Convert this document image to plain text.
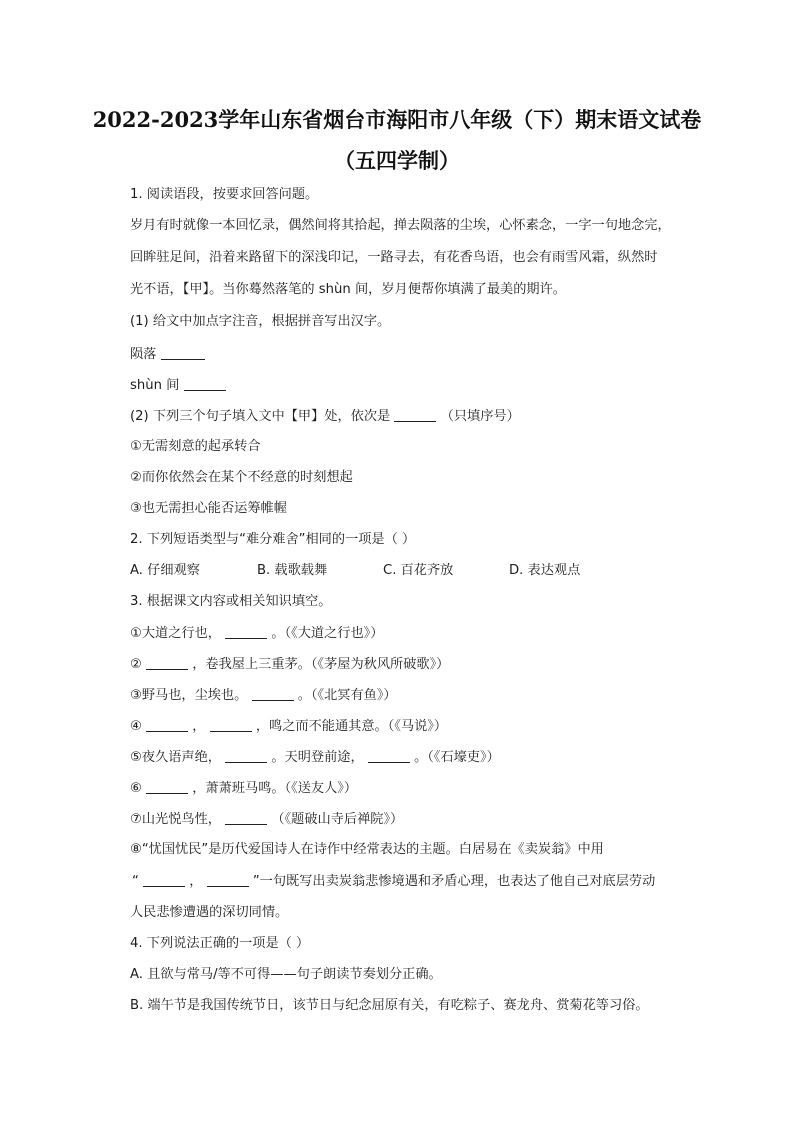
2022-2023学年山东省烟台市海阳市八年级（下）期末语文试卷
（五四学制）
1. 阅读语段，按要求回答问题。
岁月有时就像一本回忆录，偶然间将其拾起，掸去陨落的尘埃，心怀素念，一字一句地念完，
回眸驻足间，沿着来路留下的深浅印记，一路寻去，有花香鸟语，也会有雨雪风霜，纵然时
光不语，【甲】。当你蓦然落笔的 shùn 间，岁月便帮你填满了最美的期许。
(1) 给文中加点字注音，根据拼音写出汉字。
陨落
shùn 间
(2) 下列三个句子填入文中【甲】处，依次是	（只填序号）
①无需刻意的起承转合
②而你依然会在某个不经意的时刻想起
③也无需担心能否运筹帷幄
2. 下列短语类型与“难分难舍”相同的一项是（ ）
A. 仔细观察	B. 载歌载舞	C. 百花齐放	D. 表达观点
3. 根据课文内容或相关知识填空。
①大道之行也，	。（《大道之行也》）
②	，卷我屋上三重茅。（《茅屋为秋风所破歌》）
③野马也，尘埃也。	。（《北冥有鱼》）
④	，	，鸣之而不能通其意。（《马说》）
⑤夜久语声绝，	。天明登前途，	。（《石壕吏》）
⑥	，萧萧班马鸣。（《送友人》）
⑦山光悦鸟性，	（《题破山寺后禅院》）
⑧“忧国忧民”是历代爱国诗人在诗作中经常表达的主题。白居易在《卖炭翁》中用
“	，	”一句既写出卖炭翁悲惨境遇和矛盾心理，也表达了他自己对底层劳动
人民悲惨遭遇的深切同情。
4. 下列说法正确的一项是（ ）
A. 且欲与常马/等不可得——句子朗读节奏划分正确。
B. 端午节是我国传统节日，该节日与纪念屈原有关，有吃粽子、赛龙舟、赏菊花等习俗。
